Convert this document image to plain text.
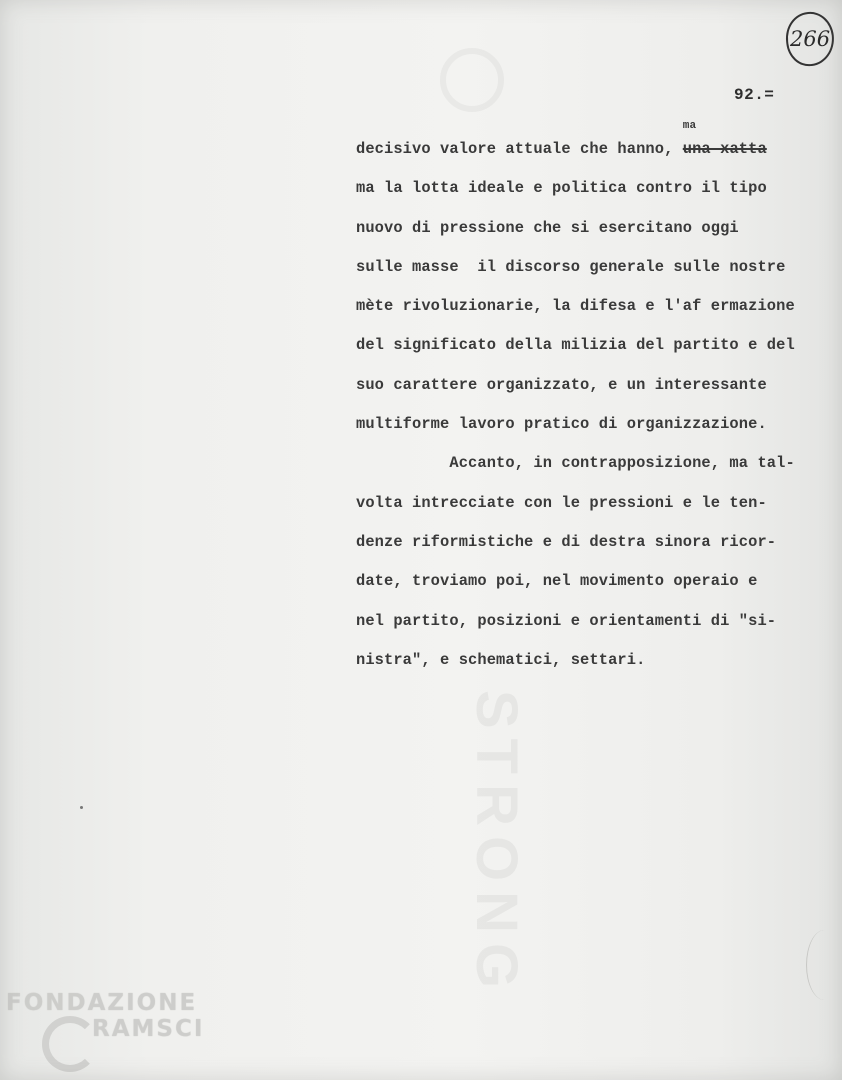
STRONG
266
92.=
decisivo valore attuale che hanno,
ma
una xatta
ma la lotta ideale e politica contro il tipo
nuovo di pressione che si esercitano oggi
sulle masse  il discorso generale sulle nostre
mète rivoluzionarie, la difesa e l'af ermazione
del significato della milizia del partito e del
suo carattere organizzato, e un interessante
multiforme lavoro pratico di organizzazione.
Accanto, in contrapposizione, ma tal-
volta intrecciate con le pressioni e le ten-
denze riformistiche e di destra sinora ricor-
date, troviamo poi, nel movimento operaio e
nel partito, posizioni e orientamenti di "si-
nistra", e schematici, settari.
FONDAZIONE
RAMSCI
